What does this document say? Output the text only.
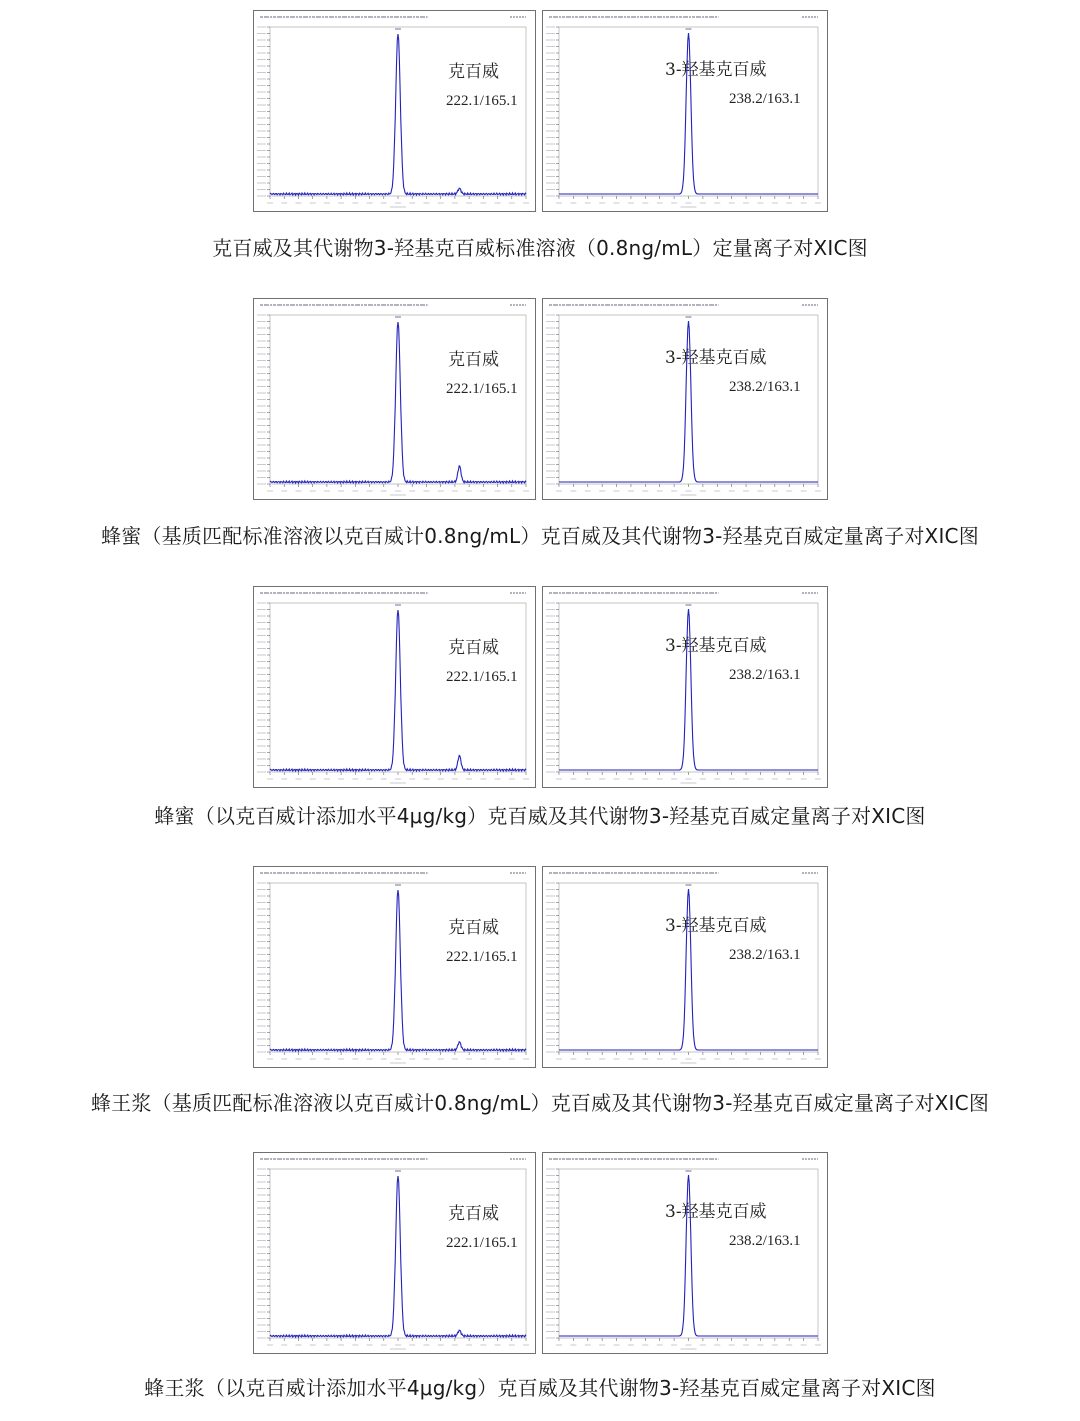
克百威
222.1/165.1
3-羟基克百威
238.2/163.1
克百威及其代谢物3-羟基克百威标准溶液（0.8ng/mL）定量离子对XIC图
克百威
222.1/165.1
3-羟基克百威
238.2/163.1
蜂蜜（基质匹配标准溶液以克百威计0.8ng/mL）克百威及其代谢物3-羟基克百威定量离子对XIC图
克百威
222.1/165.1
3-羟基克百威
238.2/163.1
蜂蜜（以克百威计添加水平4μg/kg）克百威及其代谢物3-羟基克百威定量离子对XIC图
克百威
222.1/165.1
3-羟基克百威
238.2/163.1
蜂王浆（基质匹配标准溶液以克百威计0.8ng/mL）克百威及其代谢物3-羟基克百威定量离子对XIC图
克百威
222.1/165.1
3-羟基克百威
238.2/163.1
蜂王浆（以克百威计添加水平4μg/kg）克百威及其代谢物3-羟基克百威定量离子对XIC图
